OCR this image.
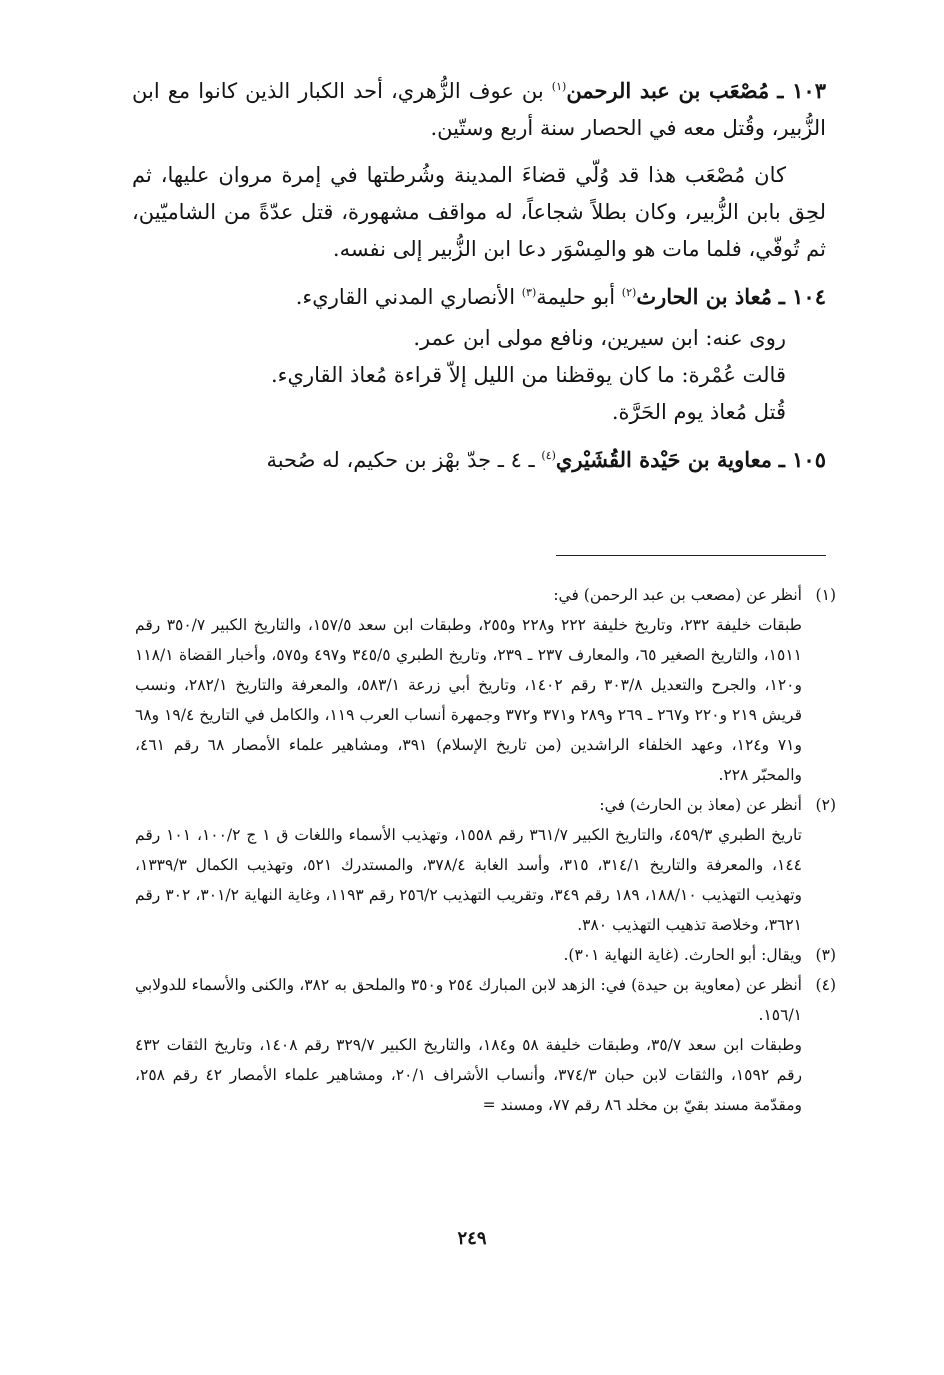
١٠٣ ـ مُصْعَب بن عبد الرحمن$^{(١)}$ بن عوف الزُّهري، أحد الكبار الذين كانوا مع ابن الزُّبير، وقُتل معه في الحصار سنة أربع وستّين.

كان مُصْعَب هذا قد وُلّي قضاءَ المدينة وشُرطتها في إمرة مروان عليها، ثم لحِق بابن الزُّبير، وكان بطلاً شجاعاً، له مواقف مشهورة، قتل عدّةً من الشاميّين، ثم تُوفّي، فلما مات هو والمِسْوَر دعا ابن الزُّبير إلى نفسه.

١٠٤ ـ مُعاذ بن الحارث$^{(٢)}$ أبو حليمة$^{(٣)}$ الأنصاري المدني القاريء.

روى عنه: ابن سيرين، ونافع مولى ابن عمر.

قالت عُمْرة: ما كان يوقظنا من الليل إلاّ قراءة مُعاذ القاريء.

قُتل مُعاذ يوم الحَرَّة.

١٠٥ ـ معاوية بن حَيْدة القُشَيْري$^{(٤)}$ ـ ٤ ـ جدّ بهْز بن حكيم، له صُحبة

(١)
أنظر عن (مصعب بن عبد الرحمن) في:
طبقات خليفة ٢٣٢، وتاريخ خليفة ٢٢٢ و٢٢٨ و٢٥٥، وطبقات ابن سعد ١٥٧/٥، والتاريخ الكبير ٣٥٠/٧ رقم ١٥١١، والتاريخ الصغير ٦٥، والمعارف ٢٣٧ ـ ٢٣٩، وتاريخ الطبري ٣٤٥/٥ و٤٩٧ و٥٧٥، وأخبار القضاة ١١٨/١ و١٢٠، والجرح والتعديل ٣٠٣/٨ رقم ١٤٠٢، وتاريخ أبي زرعة ٥٨٣/١، والمعرفة والتاريخ ٢٨٢/١، ونسب قريش ٢١٩ و٢٢٠ و٢٦٧ ـ ٢٦٩ و٢٨٩ و٣٧١ و٣٧٢ وجمهرة أنساب العرب ١١٩، والكامل في التاريخ ١٩/٤ و٦٨ و٧١ و١٢٤، وعهد الخلفاء الراشدين (من تاريخ الإسلام) ٣٩١، ومشاهير علماء الأمصار ٦٨ رقم ٤٦١، والمحبّر ٢٢٨.
(٢)
أنظر عن (معاذ بن الحارث) في:
تاريخ الطبري ٤٥٩/٣، والتاريخ الكبير ٣٦١/٧ رقم ١٥٥٨، وتهذيب الأسماء واللغات ق ١ ج ١٠٠/٢، ١٠١ رقم ١٤٤، والمعرفة والتاريخ ٣١٤/١، ٣١٥، وأسد الغابة ٣٧٨/٤، والمستدرك ٥٢١، وتهذيب الكمال ١٣٣٩/٣، وتهذيب التهذيب ١٨٨/١٠، ١٨٩ رقم ٣٤٩، وتقريب التهذيب ٢٥٦/٢ رقم ١١٩٣، وغاية النهاية ٣٠١/٢، ٣٠٢ رقم ٣٦٢١، وخلاصة تذهيب التهذيب ٣٨٠.
(٣)
ويقال: أبو الحارث. (غاية النهاية ٣٠١).
(٤)
أنظر عن (معاوية بن حيدة) في: الزهد لابن المبارك ٢٥٤ و٣٥٠ والملحق به ٣٨٢، والكنى والأسماء للدولابي ١٥٦/١.
وطبقات ابن سعد ٣٥/٧، وطبقات خليفة ٥٨ و١٨٤، والتاريخ الكبير ٣٢٩/٧ رقم ١٤٠٨، وتاريخ الثقات ٤٣٢ رقم ١٥٩٢، والثقات لابن حبان ٣٧٤/٣، وأنساب الأشراف ٢٠/١، ومشاهير علماء الأمصار ٤٢ رقم ٢٥٨، ومقدّمة مسند بقيّ بن مخلد ٨٦ رقم ٧٧، ومسند =
٢٤٩
